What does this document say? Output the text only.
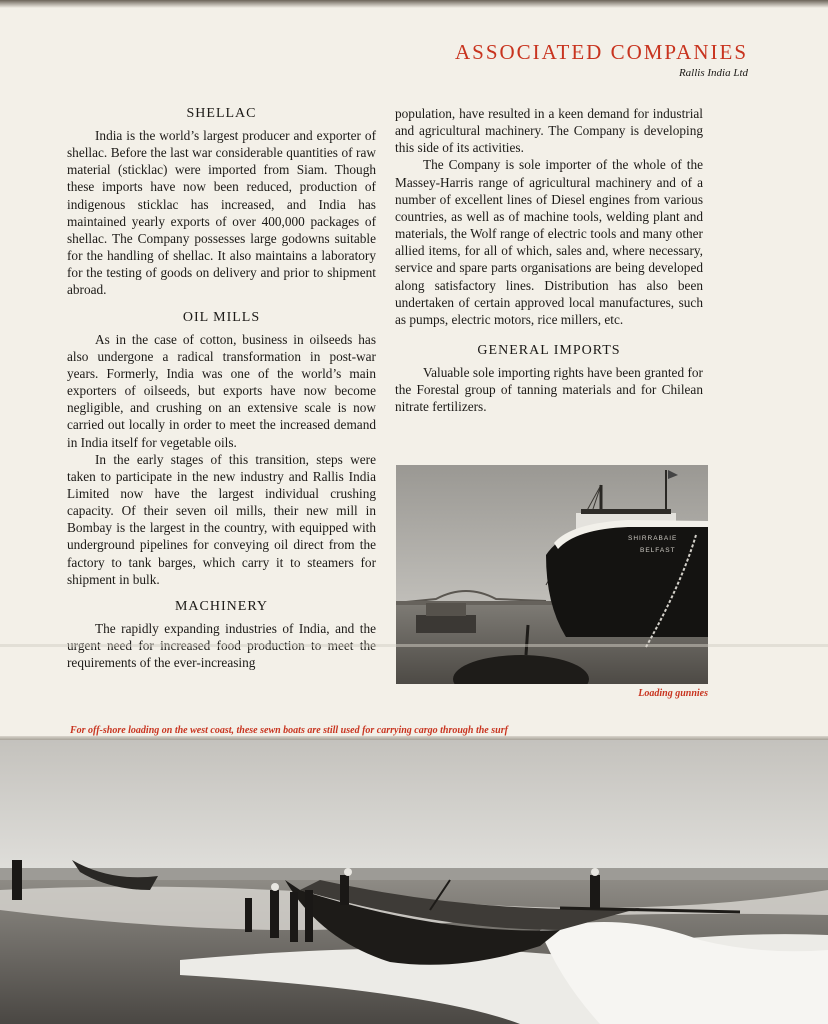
ASSOCIATED COMPANIES
Rallis India Ltd
SHELLAC

India is the world’s largest producer and exporter of shellac. Before the last war considerable quantities of raw material (sticklac) were imported from Siam. Though these imports have now been reduced, production of indigenous sticklac has increased, and India has maintained yearly exports of over 400,000 packages of shellac. The Company possesses large godowns suitable for the handling of shellac. It also maintains a laboratory for the testing of goods on delivery and prior to shipment abroad.

OIL MILLS

As in the case of cotton, business in oilseeds has also undergone a radical transformation in post-war years. Formerly, India was one of the world’s main exporters of oilseeds, but exports have now become negligible, and crushing on an extensive scale is now carried out locally in order to meet the increased demand in India itself for vegetable oils.

In the early stages of this transition, steps were taken to participate in the new industry and Rallis India Limited now have the largest individual crushing capacity. Of their seven oil mills, their new mill in Bombay is the largest in the country, with equipped with underground pipelines for conveying oil direct from the factory to tank barges, which carry it to steamers for shipment in bulk.

MACHINERY

The rapidly expanding industries of India, and the requirements of the ever-increasing

population, have resulted in a keen demand for industrial and agricultural machinery. The Company is developing this side of its activities.

The Company is sole importer of the whole of the Massey-Harris range of agricultural machinery and of a number of excellent lines of Diesel engines from various countries, as well as of machine tools, welding plant and materials, the Wolf range of electric tools and many other allied items, for all of which, sales and, where necessary, service and spare parts organisations are being developed along satisfactory lines. Distribution has also been undertaken of certain approved local manufactures, such as pumps, electric motors, rice millers, etc.

GENERAL IMPORTS

Valuable sole importing rights have been granted for the Forestal group of tanning materials and for Chilean nitrate fertilizers.

SHIRRABAIE
BELFAST
Loading gunnies
For off-shore loading on the west coast, these sewn boats are still used for carrying cargo through the surf
